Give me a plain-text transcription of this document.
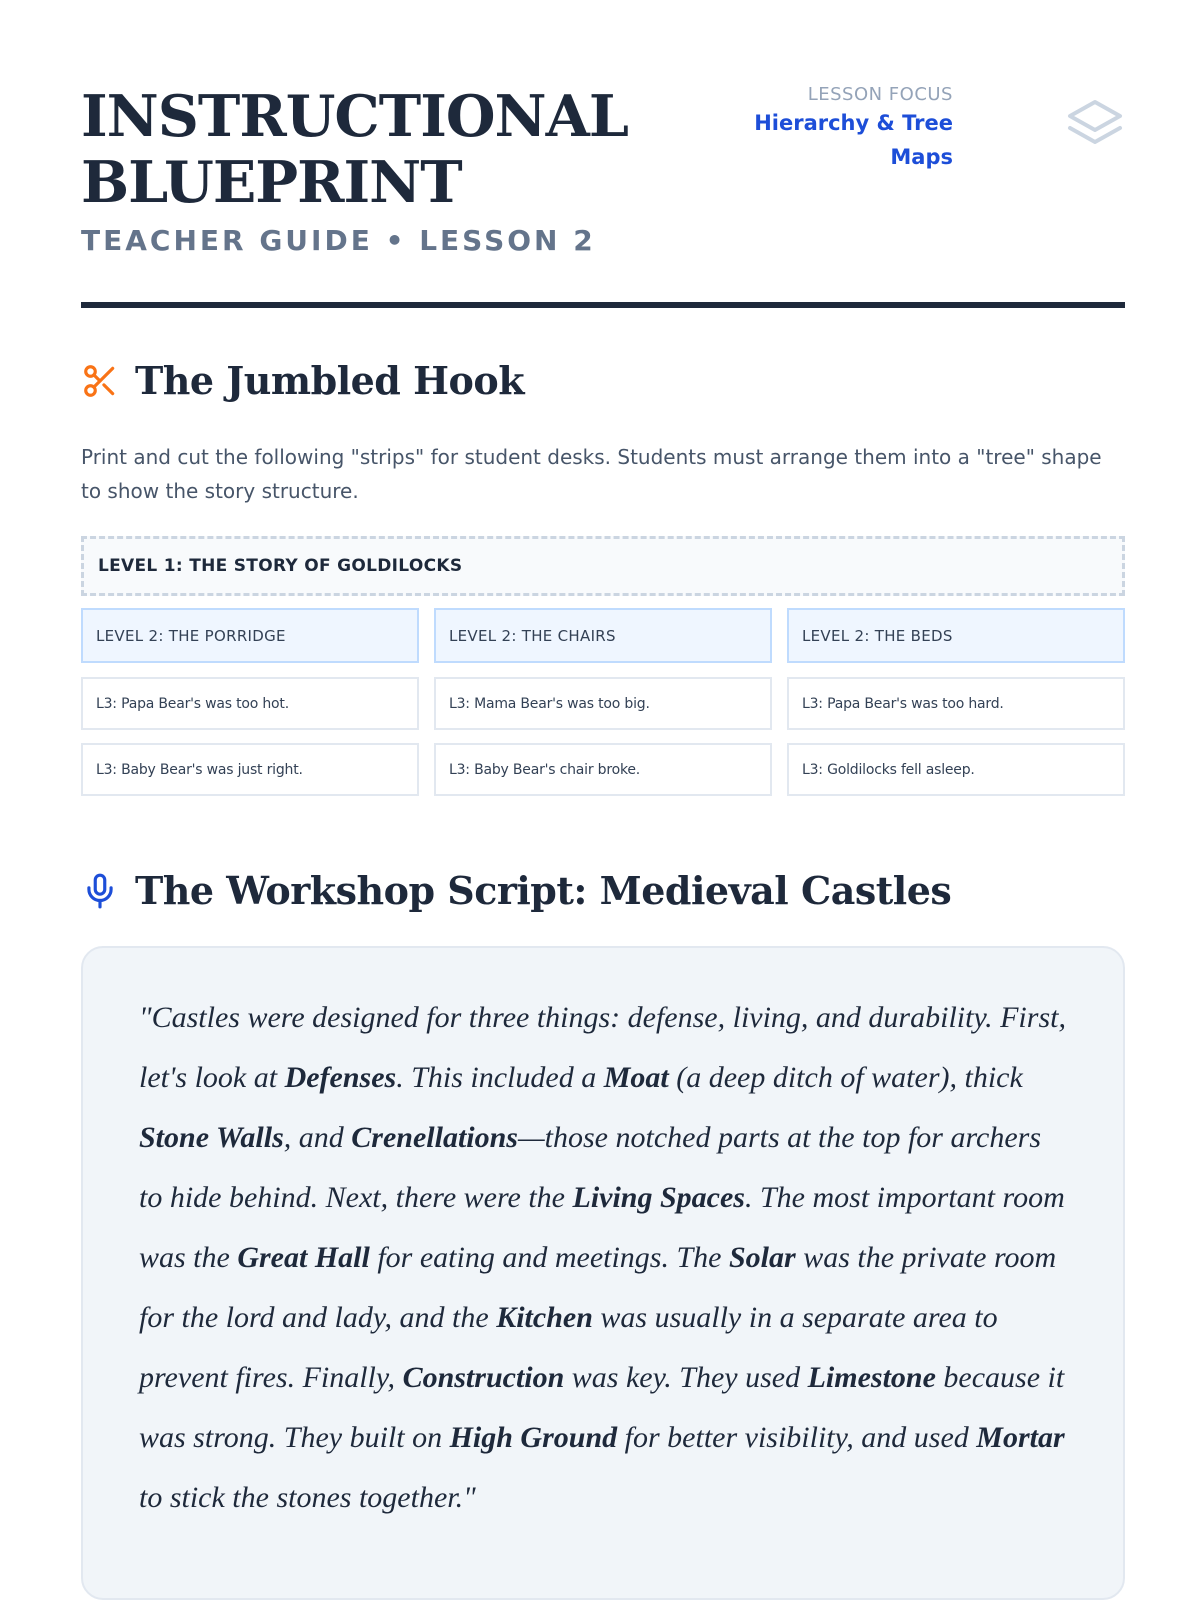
INSTRUCTIONAL BLUEPRINT
TEACHER GUIDE • LESSON 2
LESSON FOCUS
Hierarchy & Tree Maps
The Jumbled Hook

Print and cut the following "strips" for student desks. Students must arrange them into a "tree" shape to show the story structure.

LEVEL 1: THE STORY OF GOLDILOCKS
LEVEL 2: THE PORRIDGE	LEVEL 2: THE CHAIRS	LEVEL 2: THE BEDS
L3: Papa Bear's was too hot.	L3: Mama Bear's was too big.	L3: Papa Bear's was too hard.
L3: Baby Bear's was just right.	L3: Baby Bear's chair broke.	L3: Goldilocks fell asleep.
The Workshop Script: Medieval Castles

"Castles were designed for three things: defense, living, and durability. First, let's look at Defenses. This included a Moat (a deep ditch of water), thick Stone Walls, and Crenellations—those notched parts at the top for archers to hide behind. Next, there were the Living Spaces. The most important room was the Great Hall for eating and meetings. The Solar was the private room for the lord and lady, and the Kitchen was usually in a separate area to prevent fires. Finally, Construction was key. They used Limestone because it was strong. They built on High Ground for better visibility, and used Mortar to stick the stones together."
